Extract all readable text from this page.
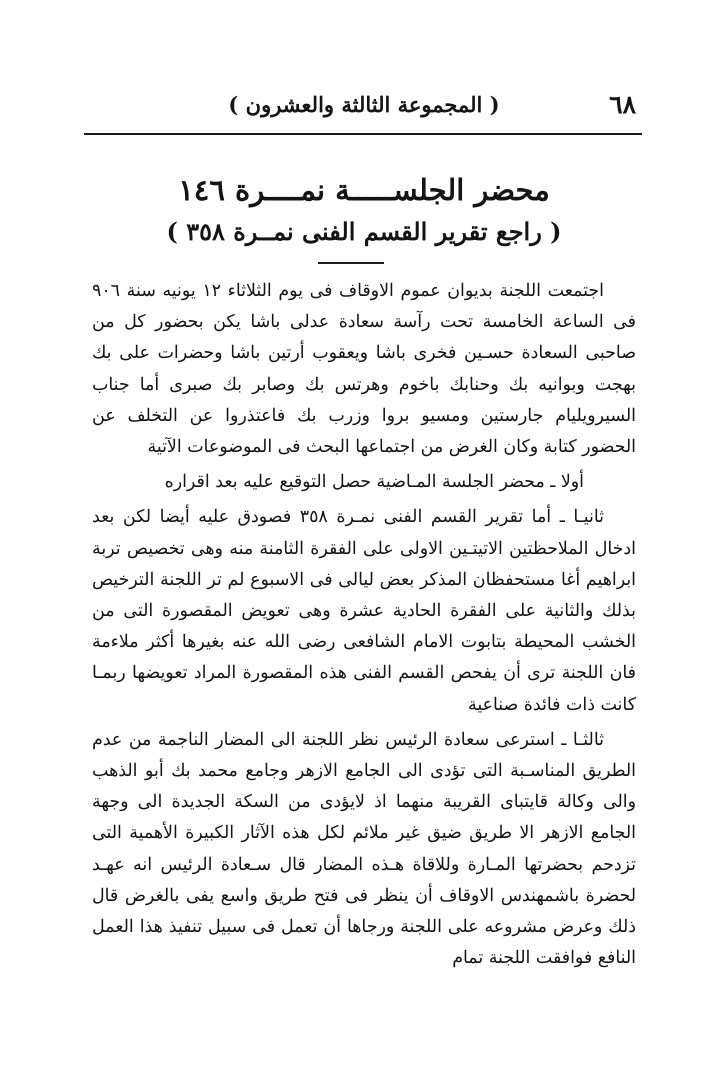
٦٨
( المجموعة الثالثة والعشرون )
محضر الجلســـــة نمــــرة ١٤٦
( راجع تقرير القسم الفنى نمــرة ٣٥٨ )

اجتمعت اللجنة بديوان عموم الاوقاف فى يوم الثلاثاء ١٢ يونيه سنة ٩٠٦ فى الساعة الخامسة تحت رآسة سعادة عدلى باشا يكن بحضور كل من صاحبى السعادة حسـين فخرى باشا ويعقوب أرتين باشا وحضرات على بك بهجت وبوانيه بك وحنابك باخوم وهرتس بك وصابر بك صبرى أما جناب السيرويليام جارستين ومسيو بروا وزرب بك فاعتذروا عن التخلف عن الحضور كتابة وكان الغرض من اجتماعها البحث فى الموضوعات الآتية

أولا ـ محضر الجلسة المـاضية حصل التوقيع عليه بعد اقراره

ثانيـا ـ أما تقرير القسم الفنى نمـرة ٣٥٨ فصودق عليه أيضا لكن بعد ادخال الملاحظتين الاتيتـين الاولى على الفقرة الثامنة منه وهى تخصيص تربة ابراهيم أغا مستحفظان المذكر بعض ليالى فى الاسبوع لم تر اللجنة الترخيص بذلك والثانية على الفقرة الحادية عشرة وهى تعويض المقصورة التى من الخشب المحيطة بتابوت الامام الشافعى رضى الله عنه بغيرها أكثر ملاءمة فان اللجنة ترى أن يفحص القسم الفنى هذه المقصورة المراد تعويضها ربمـا كانت ذات فائدة صناعية

ثالثـا ـ استرعى سعادة الرئيس نظر اللجنة الى المضار الناجمة من عدم الطريق المناسـبة التى تؤدى الى الجامع الازهر وجامع محمد بك أبو الذهب والى وكالة قايتباى القريبة منهما اذ لايؤدى من السكة الجديدة الى وجهة الجامع الازهر الا طريق ضيق غير ملائم لكل هذه الآثار الكبيرة الأهمية التى تزدحم بحضرتها المـارة وللاقاة هـذه المضار قال سـعادة الرئيس انه عهـد لحضرة باشمهندس الاوقاف أن ينظر فى فتح طريق واسع يفى بالغرض قال ذلك وعرض مشروعه على اللجنة ورجاها أن تعمل فى سبيل تنفيذ هذا العمل النافع فوافقت اللجنة تمام
